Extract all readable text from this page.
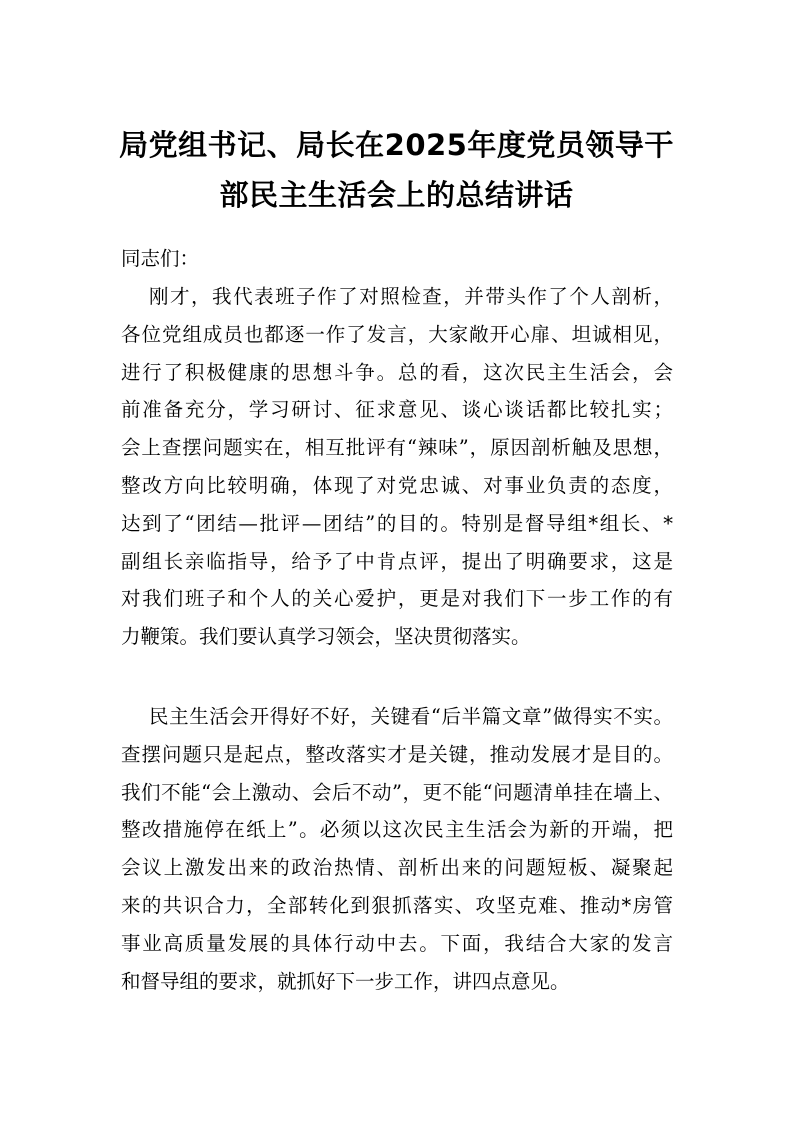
局党组书记、局长在2025年度党员领导干
部民主生活会上的总结讲话

同志们：

刚才，我代表班子作了对照检查，并带头作了个人剖析，
各位党组成员也都逐一作了发言，大家敞开心扉、坦诚相见，
进行了积极健康的思想斗争。总的看，这次民主生活会，会
前准备充分，学习研讨、征求意见、谈心谈话都比较扎实；
会上查摆问题实在，相互批评有“辣味”，原因剖析触及思想，
整改方向比较明确，体现了对党忠诚、对事业负责的态度，
达到了“团结—批评—团结”的目的。特别是督导组*组长、*
副组长亲临指导，给予了中肯点评，提出了明确要求，这是
对我们班子和个人的关心爱护，更是对我们下一步工作的有
力鞭策。我们要认真学习领会，坚决贯彻落实。
民主生活会开得好不好，关键看“后半篇文章”做得实不实。
查摆问题只是起点，整改落实才是关键，推动发展才是目的。
我们不能“会上激动、会后不动”，更不能“问题清单挂在墙上、
整改措施停在纸上”。必须以这次民主生活会为新的开端，把
会议上激发出来的政治热情、剖析出来的问题短板、凝聚起
来的共识合力，全部转化到狠抓落实、攻坚克难、推动*房管
事业高质量发展的具体行动中去。下面，我结合大家的发言
和督导组的要求，就抓好下一步工作，讲四点意见。
